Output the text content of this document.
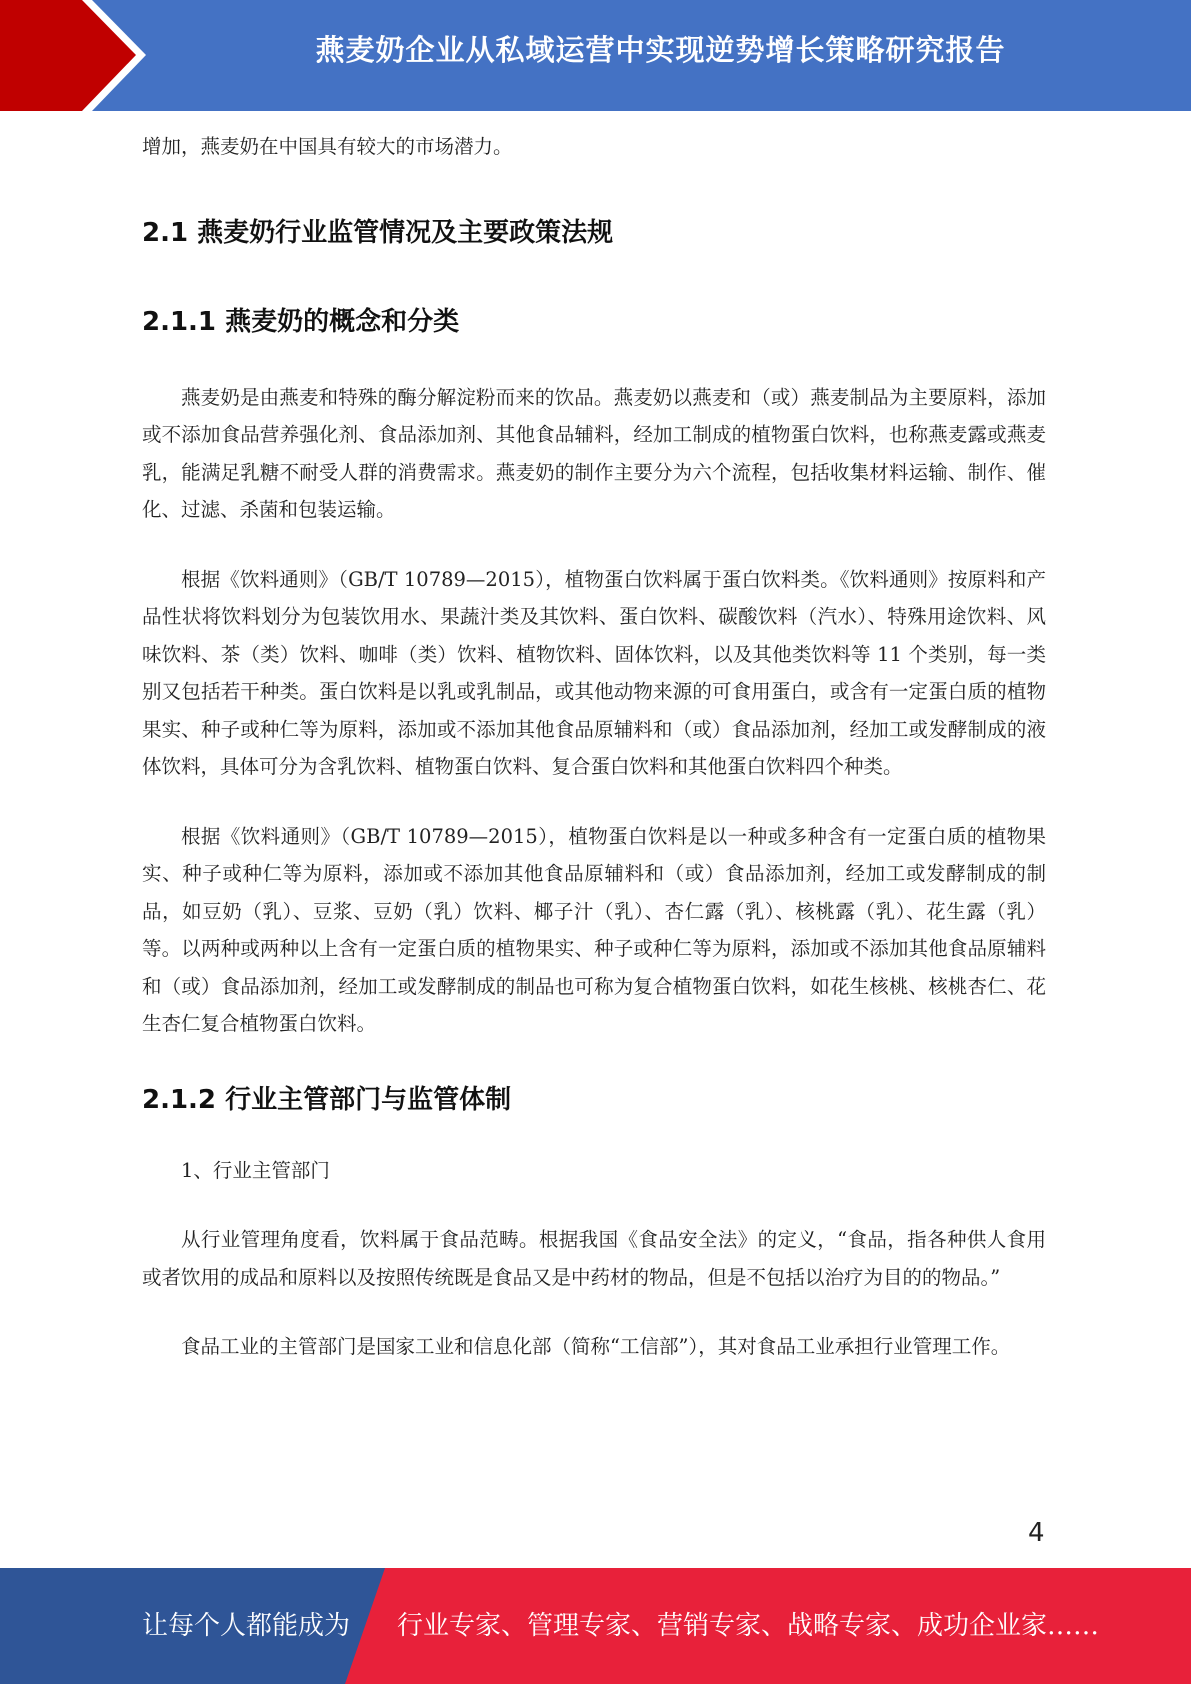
燕麦奶企业从私域运营中实现逆势增长策略研究报告

增加，燕麦奶在中国具有较大的市场潜力。

2.1 燕麦奶行业监管情况及主要政策法规
2.1.1 燕麦奶的概念和分类

燕麦奶是由燕麦和特殊的酶分解淀粉而来的饮品。燕麦奶以燕麦和（或）燕麦制品为主要原料，添加或不添加食品营养强化剂、食品添加剂、其他食品辅料，经加工制成的植物蛋白饮料，也称燕麦露或燕麦乳，能满足乳糖不耐受人群的消费需求。燕麦奶的制作主要分为六个流程，包括收集材料运输、制作、催化、过滤、杀菌和包装运输。

根据《饮料通则》（GB/T 10789—2015），植物蛋白饮料属于蛋白饮料类。《饮料通则》按原料和产品性状将饮料划分为包装饮用水、果蔬汁类及其饮料、蛋白饮料、碳酸饮料（汽水）、特殊用途饮料、风味饮料、茶（类）饮料、咖啡（类）饮料、植物饮料、固体饮料，以及其他类饮料等 11 个类别，每一类别又包括若干种类。蛋白饮料是以乳或乳制品，或其他动物来源的可食用蛋白，或含有一定蛋白质的植物果实、种子或种仁等为原料，添加或不添加其他食品原辅料和（或）食品添加剂，经加工或发酵制成的液体饮料，具体可分为含乳饮料、植物蛋白饮料、复合蛋白饮料和其他蛋白饮料四个种类。

根据《饮料通则》（GB/T 10789—2015），植物蛋白饮料是以一种或多种含有一定蛋白质的植物果实、种子或种仁等为原料，添加或不添加其他食品原辅料和（或）食品添加剂，经加工或发酵制成的制品，如豆奶（乳）、豆浆、豆奶（乳）饮料、椰子汁（乳）、杏仁露（乳）、核桃露（乳）、花生露（乳）等。以两种或两种以上含有一定蛋白质的植物果实、种子或种仁等为原料，添加或不添加其他食品原辅料和（或）食品添加剂，经加工或发酵制成的制品也可称为复合植物蛋白饮料，如花生核桃、核桃杏仁、花生杏仁复合植物蛋白饮料。

2.1.2 行业主管部门与监管体制

1、行业主管部门

从行业管理角度看，饮料属于食品范畴。根据我国《食品安全法》的定义，“食品，指各种供人食用或者饮用的成品和原料以及按照传统既是食品又是中药材的物品，但是不包括以治疗为目的的物品。”

食品工业的主管部门是国家工业和信息化部（简称“工信部”），其对食品工业承担行业管理工作。

4
让每个人都能成为 行业专家、管理专家、营销专家、战略专家、成功企业家……
